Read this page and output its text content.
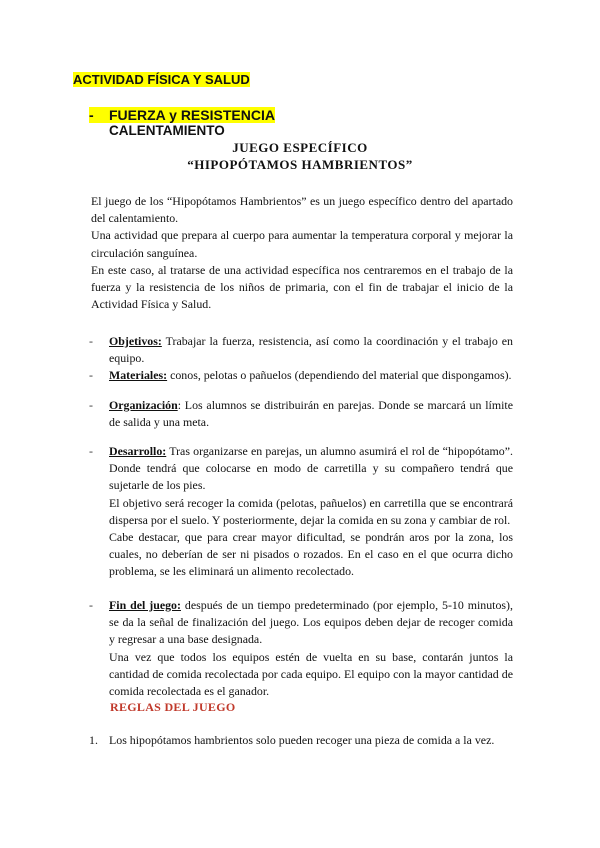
ACTIVIDAD FÍSICA Y SALUD
- FUERZA y RESISTENCIA
CALENTAMIENTO
JUEGO ESPECÍFICO
“HIPOPÓTAMOS HAMBRIENTOS”

El juego de los “Hipopótamos Hambrientos” es un juego específico dentro del apartado del calentamiento.

Una actividad que prepara al cuerpo para aumentar la temperatura corporal y mejorar la circulación sanguínea.

En este caso, al tratarse de una actividad específica nos centraremos en el trabajo de la fuerza y la resistencia de los niños de primaria, con el fin de trabajar el inicio de la Actividad Física y Salud.

- Objetivos: Trabajar la fuerza, resistencia, así como la coordinación y el trabajo en equipo.
- Materiales: conos, pelotas o pañuelos (dependiendo del material que dispongamos).
- Organización: Los alumnos se distribuirán en parejas. Donde se marcará un límite de salida y una meta.
- Desarrollo: Tras organizarse en parejas, un alumno asumirá el rol de “hipopótamo”. Donde tendrá que colocarse en modo de carretilla y su compañero tendrá que sujetarle de los pies.

El objetivo será recoger la comida (pelotas, pañuelos) en carretilla que se encontrará dispersa por el suelo. Y posteriormente, dejar la comida en su zona y cambiar de rol.

Cabe destacar, que para crear mayor dificultad, se pondrán aros por la zona, los cuales, no deberían de ser ni pisados o rozados. En el caso en el que ocurra dicho problema, se les eliminará un alimento recolectado.

- Fin del juego: después de un tiempo predeterminado (por ejemplo, 5-10 minutos), se da la señal de finalización del juego. Los equipos deben dejar de recoger comida y regresar a una base designada.

Una vez que todos los equipos estén de vuelta en su base, contarán juntos la cantidad de comida recolectada por cada equipo. El equipo con la mayor cantidad de comida recolectada es el ganador.

REGLAS DEL JUEGO
1. Los hipopótamos hambrientos solo pueden recoger una pieza de comida a la vez.
